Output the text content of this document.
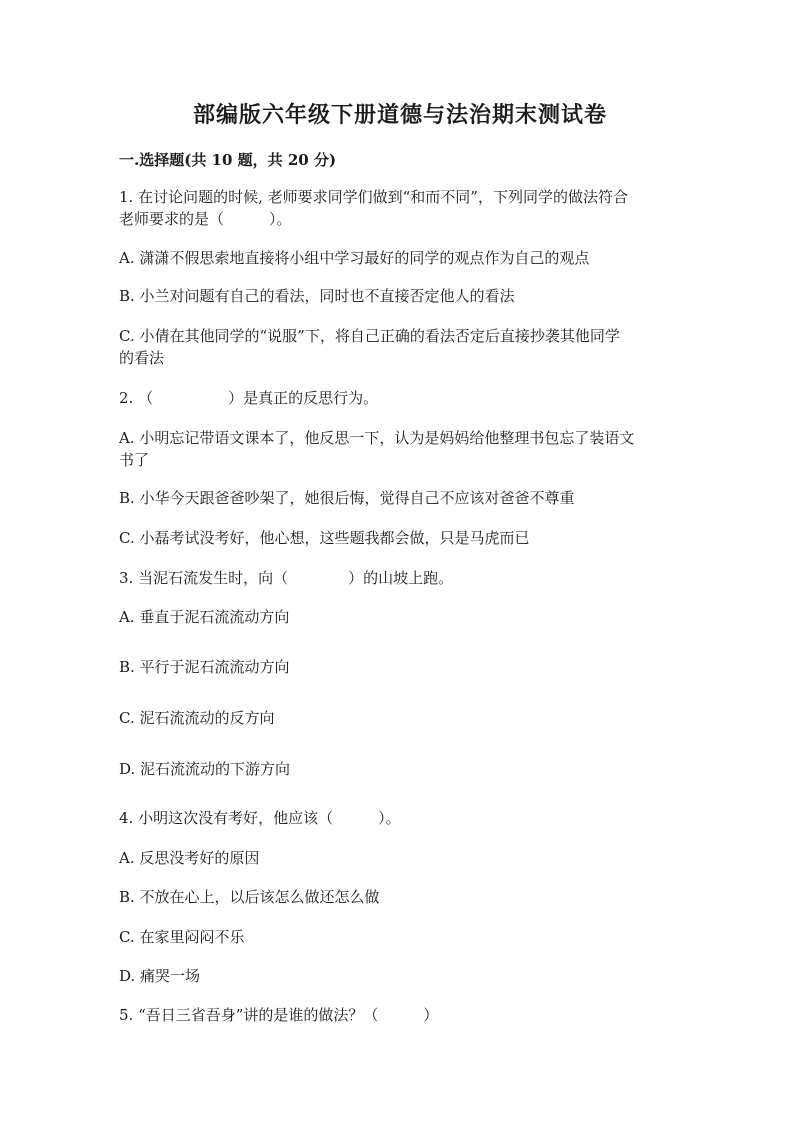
部编版六年级下册道德与法治期末测试卷
一.选择题(共 10 题，共 20 分)
1. 在讨论问题的时候, 老师要求同学们做到“和而不同”，下列同学的做法符合
老师要求的是（　　　）。
A. 潇潇不假思索地直接将小组中学习最好的同学的观点作为自己的观点
B. 小兰对问题有自己的看法，同时也不直接否定他人的看法
C. 小倩在其他同学的“说服”下，将自己正确的看法否定后直接抄袭其他同学
的看法
2. （　　　　　）是真正的反思行为。
A. 小明忘记带语文课本了，他反思一下，认为是妈妈给他整理书包忘了装语文
书了
B. 小华今天跟爸爸吵架了，她很后悔，觉得自己不应该对爸爸不尊重
C. 小磊考试没考好，他心想，这些题我都会做，只是马虎而已
3. 当泥石流发生时，向（　　　　）的山坡上跑。
A. 垂直于泥石流流动方向
B. 平行于泥石流流动方向
C. 泥石流流动的反方向
D. 泥石流流动的下游方向
4. 小明这次没有考好，他应该（　　　）。
A. 反思没考好的原因
B. 不放在心上，以后该怎么做还怎么做
C. 在家里闷闷不乐
D. 痛哭一场
5. “吾日三省吾身”讲的是谁的做法？（　　　）
